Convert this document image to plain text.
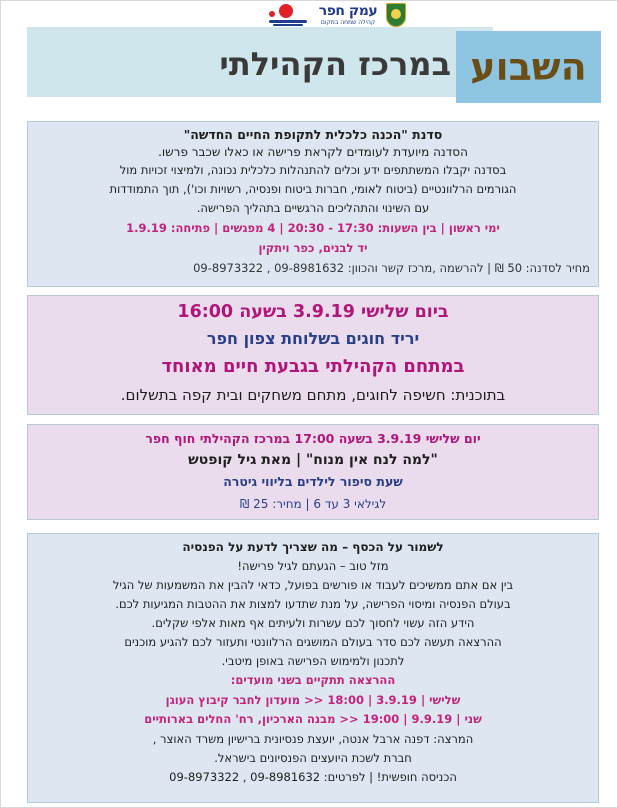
עמק חפר
קהילה שמחה במקום
במרכז הקהילתי השבוע
סדנת "הכנה כלכלית לתקופת החיים החדשה"
הסדנה מיועדת לעומדים לקראת פרישה או כאלו שכבר פרשו.
בסדנה יקבלו המשתתפים ידע וכלים להתנהלות כלכלית נכונה, ולמיצוי זכויות מול
הגורמים הרלוונטיים (ביטוח לאומי, חברות ביטוח ופנסיה, רשויות וכו'), תוך התמודדות
עם השינוי והתהליכים הרגשיים בתהליך הפרישה.
ימי ראשון | בין השעות: 17:30 - 20:30 | 4 מפגשים | פתיחה: 1.9.19
יד לבנים, כפר ויתקין
מחיר לסדנה: 50 ₪ | להרשמה ,מרכז קשר והכוון: 09-8981632 , 09-8973322
ביום שלישי 3.9.19 בשעה 16:00
יריד חוגים בשלוחת צפון חפר
במתחם הקהילתי בגבעת חיים מאוחד
בתוכנית: חשיפה לחוגים, מתחם משחקים ובית קפה בתשלום.
יום שלישי 3.9.19 בשעה 17:00 במרכז הקהילתי חוף חפר
"למה לנח אין מנוח" | מאת גיל קופטש
שעת סיפור לילדים בליווי גיטרה
לגילאי 3 עד 6 | מחיר: 25 ₪
לשמור על הכסף – מה שצריך לדעת על הפנסיה
מזל טוב – הגעתם לגיל פרישה!
בין אם אתם ממשיכים לעבוד או פורשים בפועל, כדאי להבין את המשמעות של הגיל
בעולם הפנסיה ומיסוי הפרישה, על מנת שתדעו למצות את ההטבות המגיעות לכם.
הידע הזה עשוי לחסוך לכם עשרות ולעיתים אף מאות אלפי שקלים.
ההרצאה תעשה לכם סדר בעולם המושגים הרלוונטי ותעזור לכם להגיע מוכנים
לתכנון ולמימוש הפרישה באופן מיטבי.
ההרצאה תתקיים בשני מועדים:
שלישי | 3.9.19 | 18:00 << מועדון לחבר קיבוץ העוגן
שני | 9.9.19 | 19:00 << מבנה הארכיון, רח' החלים בארותיים
המרצה: דפנה ארבל אנטה, יועצת פנסיונית ברישיון משרד האוצר ,
חברת לשכת היועצים הפנסיונים בישראל.
הכניסה חופשית! | לפרטים: 09-8981632 , 09-8973322
